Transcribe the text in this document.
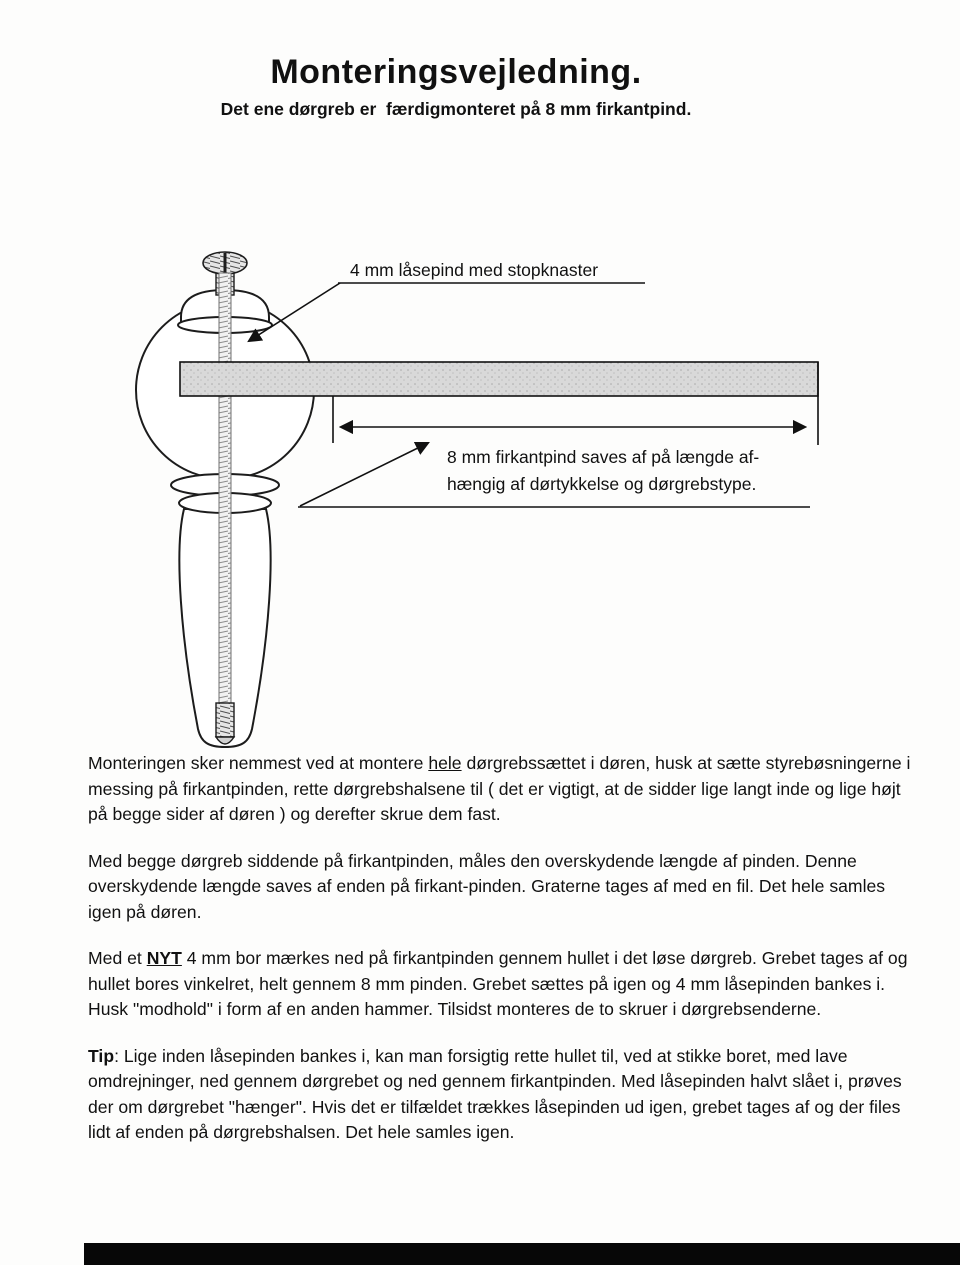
Monteringsvejledning.
Det ene dørgreb er  færdigmonteret på 8 mm firkantpind.
4 mm låsepind med stopknaster
8 mm firkantpind saves af på længde af-
hængig af dørtykkelse og dørgrebstype.

Monteringen sker nemmest ved at montere hele dørgrebssættet i døren, husk at sætte styrebøsningerne i messing på firkantpinden, rette dørgrebshalsene til ( det er vigtigt, at de sidder lige langt inde og lige højt på begge sider af døren ) og derefter skrue dem fast.

Med begge dørgreb siddende på firkantpinden, måles den overskydende længde af pinden. Denne overskydende længde saves af enden på firkant-pinden. Graterne tages af med en fil. Det hele samles igen på døren.

Med et NYT 4 mm bor mærkes ned på firkantpinden gennem hullet i det løse dørgreb. Grebet tages af og hullet bores vinkelret, helt gennem 8 mm pinden. Grebet sættes på igen og 4 mm låsepinden bankes i. Husk "modhold" i form af en anden hammer. Tilsidst monteres de to skruer i dørgrebsenderne.

Tip: Lige inden låsepinden bankes i, kan man forsigtig rette hullet til, ved at stikke boret, med lave omdrejninger, ned gennem dørgrebet og ned gennem firkantpinden. Med låsepinden halvt slået i, prøves der om dørgrebet "hænger". Hvis det er tilfældet trækkes låsepinden ud igen, grebet tages af og der files lidt af enden på dørgrebshalsen. Det hele samles igen.
